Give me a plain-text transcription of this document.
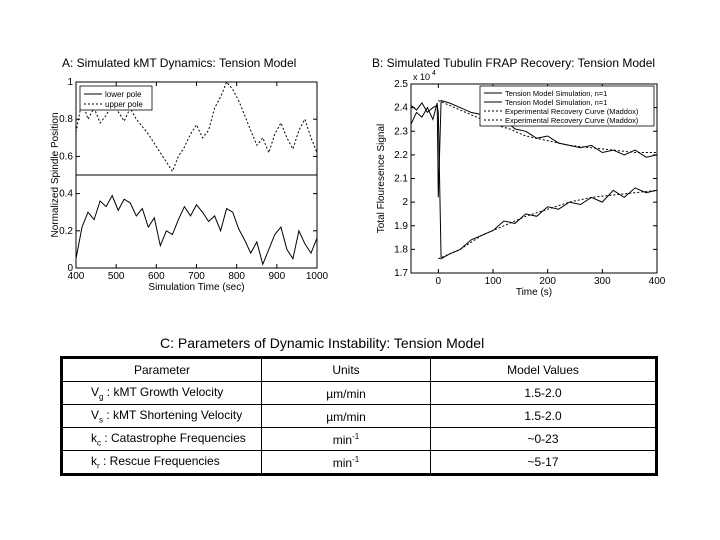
A: Simulated kMT Dynamics: Tension Model	B: Simulated Tubulin FRAP Recovery: Tension Model
400 500 600 700 800 900 1000
0
0.2
0.4
0.6
0.8
1
Simulation Time (sec)
Normalized Spindle Position
lower pole
upper pole
0	100	200	300	400
1.7
1.8
1.9
2
2.1
2.2
2.3
2.4
2.5
Time (s)
Total Flouresence Signal
x 10 4
Tension Model Simulation, n=1
Tension Model Simulation, n=1
Experimental Recovery Curve (Maddox)
Experimental Recovery Curve (Maddox)
C: Parameters of Dynamic Instability: Tension Model
Parameter	Units	Model Values
$V_g$ : kMT Growth Velocity	µm/min	1.5-2.0
$V_s$ : kMT Shortening Velocity	µm/min	1.5-2.0
$k_c$ : Catastrophe Frequencies	$\min^{-1}$	~0-23
$k_r$ : Rescue Frequencies	$\min^{-1}$	~5-17
